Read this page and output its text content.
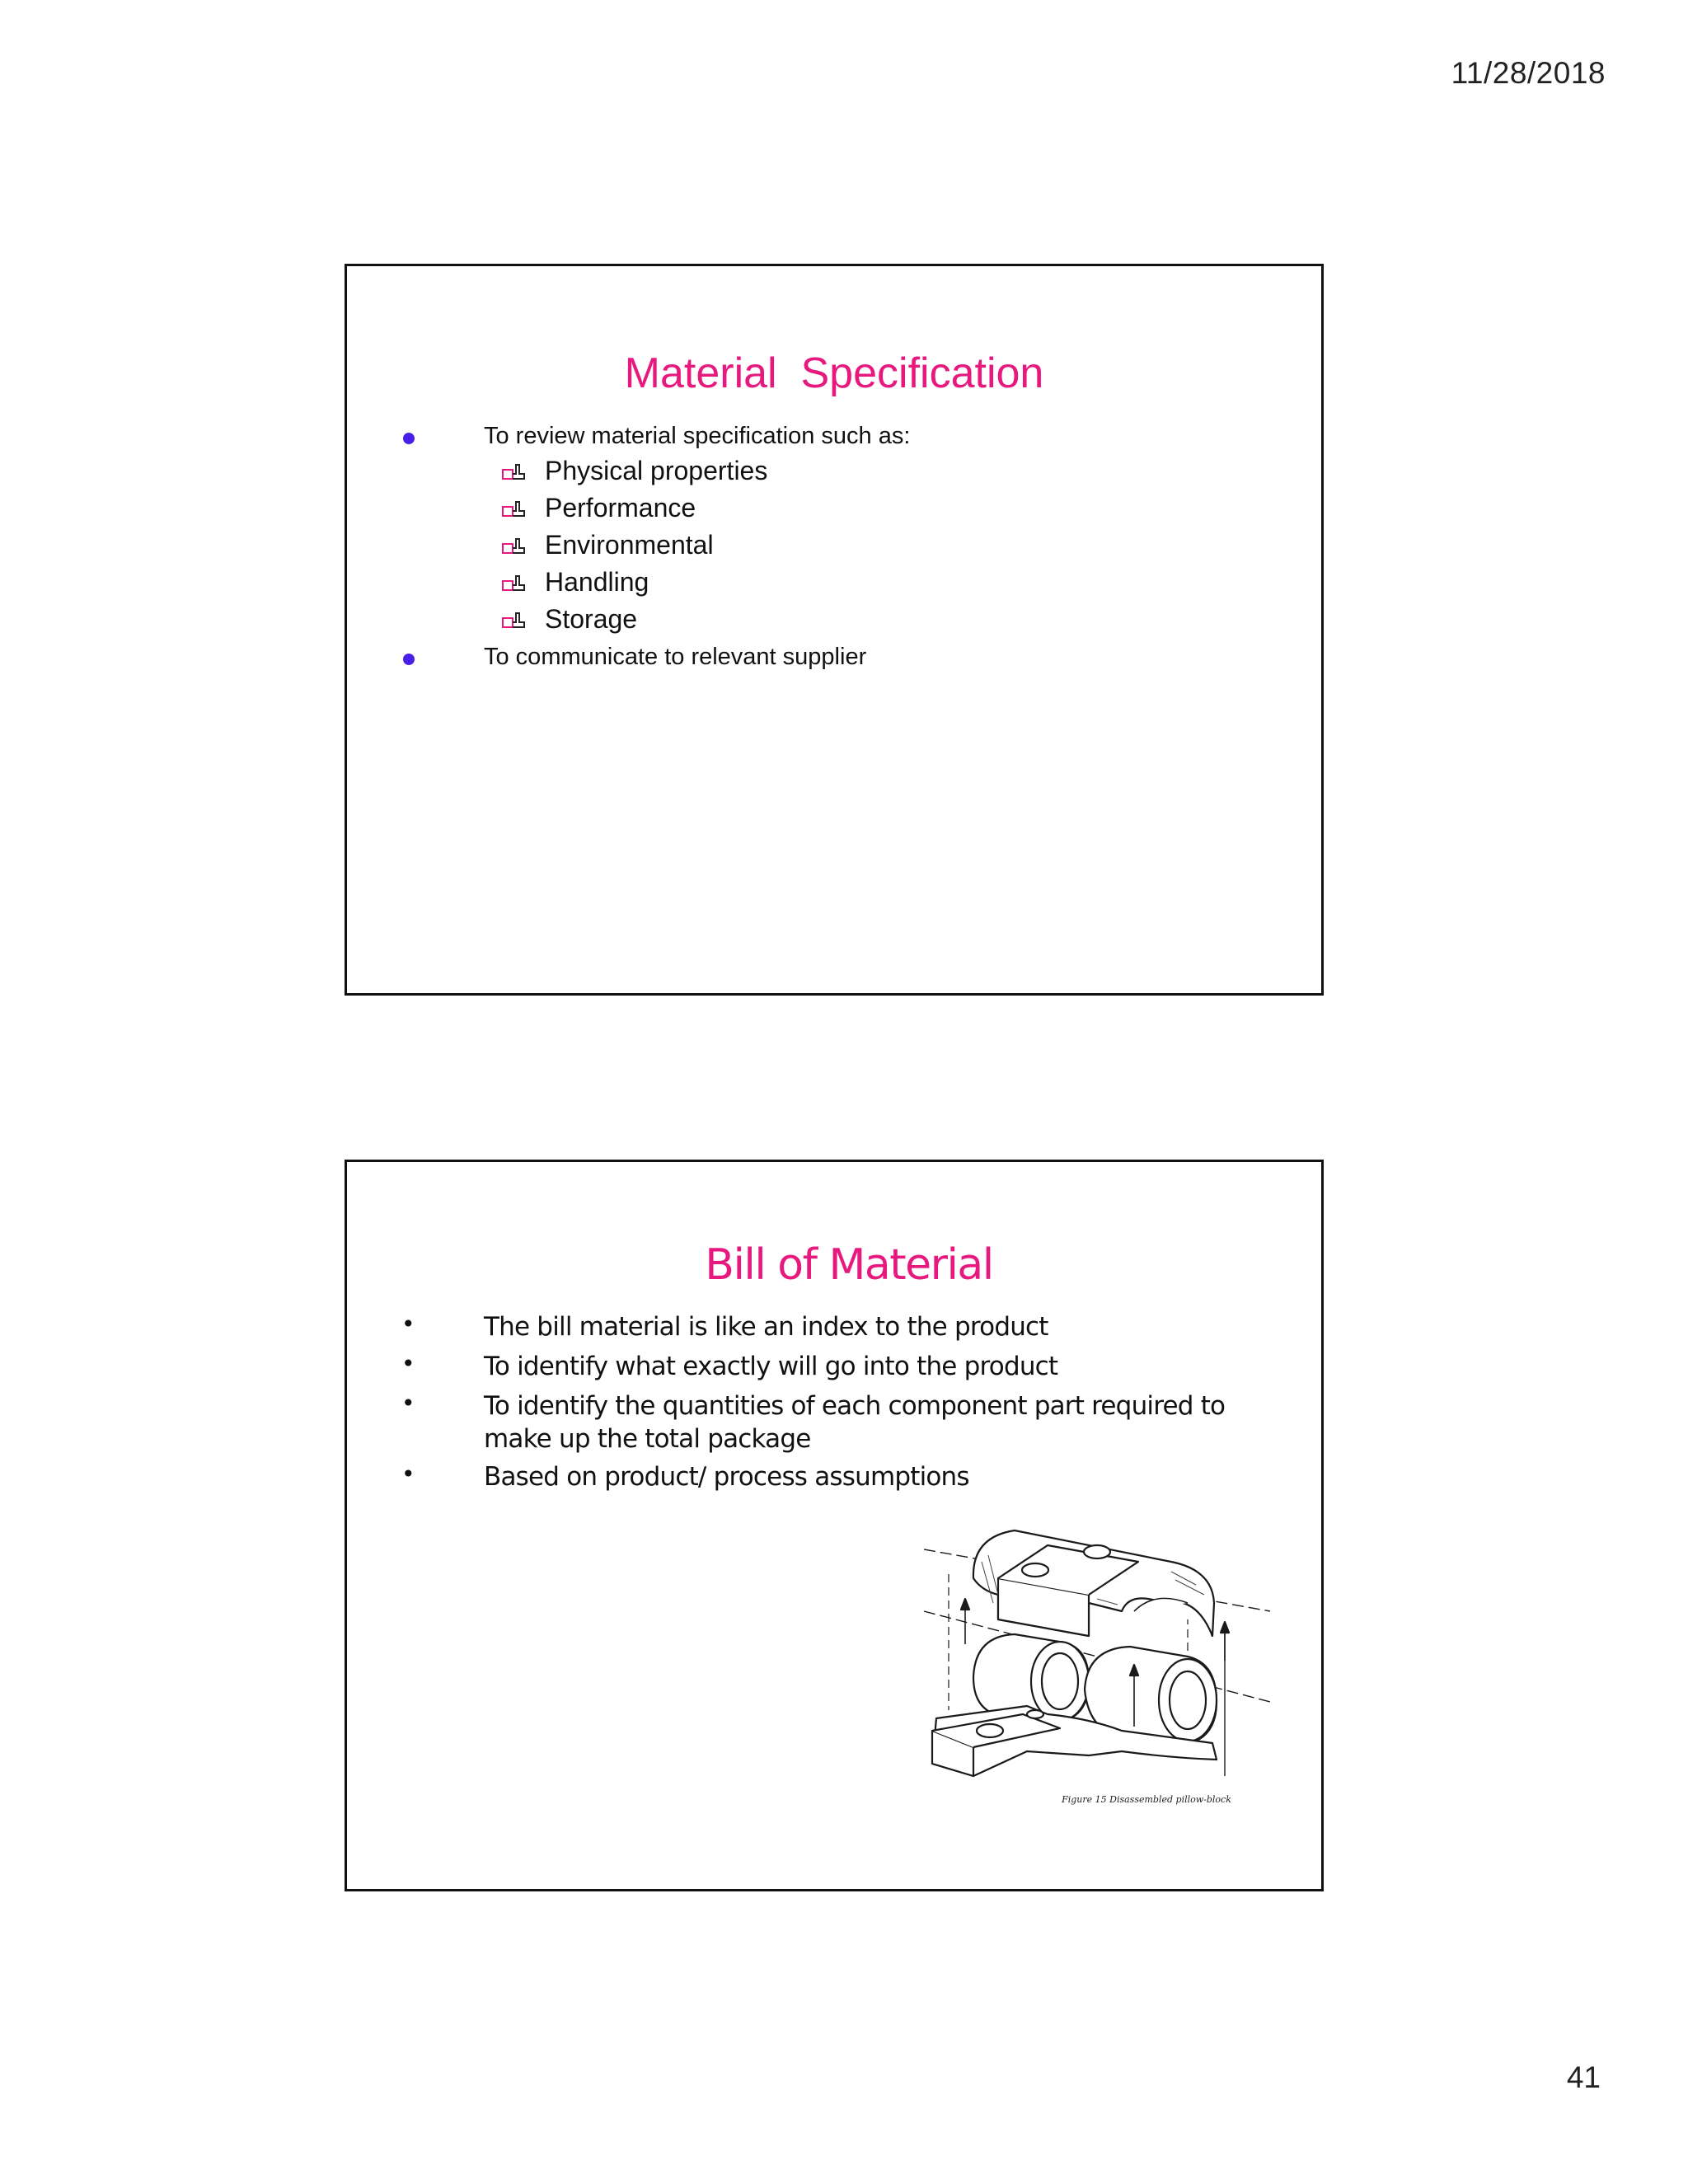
11/28/2018
Material  Specification
To review material specification such as:
Physical properties
Performance
Environmental
Handling
Storage
To communicate to relevant supplier
Bill of Material
•	The bill material is like an index to the product
•	To identify what exactly will go into the product
•	To identify the quantities of each component part required to make up the total package
•	Based on product/ process assumptions
Figure 15 Disassembled pillow-block
41
